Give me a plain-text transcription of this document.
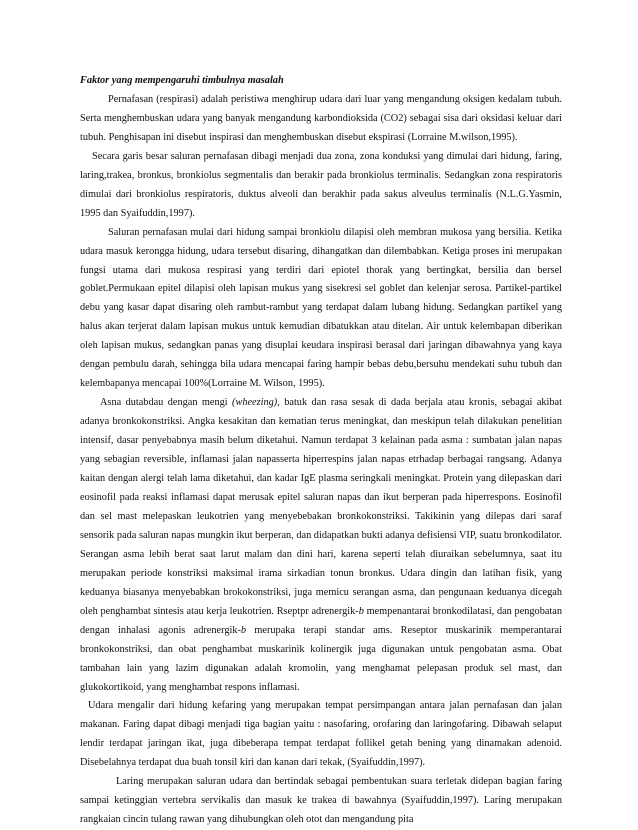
Faktor yang mempengaruhi timbulnya masalah

Pernafasan (respirasi) adalah peristiwa menghirup udara dari luar yang mengandung oksigen kedalam tubuh. Serta menghembuskan udara yang banyak mengandung karbondioksida (CO2) sebagai sisa dari oksidasi keluar dari tubuh. Penghisapan ini disebut inspirasi dan menghembuskan disebut ekspirasi (Lorraine M.wilson,1995).

Secara garis besar saluran pernafasan dibagi menjadi dua zona, zona konduksi yang dimulai dari hidung, faring, laring,trakea, bronkus, bronkiolus segmentalis dan berakir pada bronkiolus terminalis. Sedangkan zona respiratoris dimulai dari bronkiolus respiratoris, duktus alveoli dan berakhir pada sakus alveulus terminalis (N.L.G.Yasmin, 1995 dan Syaifuddin,1997).

Saluran pernafasan mulai dari hidung sampai bronkiolu dilapisi oleh membran mukosa yang bersilia. Ketika udara masuk kerongga hidung, udara tersebut disaring, dihangatkan dan dilembabkan. Ketiga proses ini merupakan fungsi utama dari mukosa respirasi yang terdiri dari epiotel thorak yang bertingkat, bersilia dan bersel goblet.Permukaan epitel dilapisi oleh lapisan mukus yang sisekresi sel goblet dan kelenjar serosa. Partikel-partikel debu yang kasar dapat disaring oleh rambut-rambut yang terdapat dalam lubang hidung. Sedangkan partikel yang halus akan terjerat dalam lapisan mukus untuk kemudian dibatukkan atau ditelan. Air untuk kelembapan diberikan oleh lapisan mukus, sedangkan panas yang disuplai keudara inspirasi berasal dari jaringan dibawahnya yang kaya dengan pembulu darah, sehingga bila udara mencapai faring hampir bebas debu,bersuhu mendekati suhu tubuh dan kelembapanya mencapai 100%(Lorraine M. Wilson, 1995).

Asna dutabdau dengan mengi (wheezing), batuk dan rasa sesak di dada berjala atau kronis, sebagai akibat adanya bronkokonstriksi. Angka kesakitan dan kematian terus meningkat, dan meskipun telah dilakukan penelitian intensif, dasar penyebabnya masih belum diketahui. Namun terdapat 3 kelainan pada asma : sumbatan jalan napas yang sebagian reversible, inflamasi jalan napasserta hiperrespins jalan napas etrhadap berbagai rangsang. Adanya kaitan dengan alergi telah lama diketahui, dan kadar IgE plasma seringkali meningkat. Protein yang dilepaskan dari eosinofil pada reaksi inflamasi dapat merusak epitel saluran napas dan ikut berperan pada hiperrespons. Eosinofil dan sel mast melepaskan leukotrien yang menyebebakan bronkokonstriksi. Takikinin yang dilepas dari saraf sensorik pada saluran napas mungkin ikut berperan, dan didapatkan bukti adanya defisiensi VIP, suatu bronkodilator. Serangan asma lebih berat saat larut malam dan dini hari, karena seperti telah diuraikan sebelumnya, saat itu merupakan periode konstriksi maksimal irama sirkadian tonun bronkus. Udara dingin dan latihan fisik, yang keduanya biasanya menyebabkan brokokonstriksi, juga memicu serangan asma, dan pengunaan keduanya dicegah oleh penghambat sintesis atau kerja leukotrien. Rseptpr adrenergik-b mempenantarai bronkodilatasi, dan pengobatan dengan inhalasi agonis adrenergik-b merupaka terapi standar ams. Reseptor muskarinik memperantarai bronkokonstriksi, dan obat penghambat muskarinik kolinergik juga digunakan untuk pengobatan asma. Obat tambahan lain yang lazim digunakan adalah kromolin, yang menghamat pelepasan produk sel mast, dan glukokortikoid, yang menghambat respons inflamasi.

Udara mengalir dari hidung kefaring yang merupakan tempat persimpangan antara jalan pernafasan dan jalan makanan. Faring dapat dibagi menjadi tiga bagian yaitu : nasofaring, orofaring dan laringofaring. Dibawah selaput lendir terdapat jaringan ikat, juga dibeberapa tempat terdapat follikel getah bening yang dinamakan adenoid. Disebelahnya terdapat dua buah tonsil kiri dan kanan dari tekak, (Syaifuddin,1997).

Laring merupakan saluran udara dan bertindak sebagai pembentukan suara terletak didepan bagian faring sampai ketinggian vertebra servikalis dan masuk ke trakea di bawahnya (Syaifuddin,1997). Laring merupakan rangkaian cincin tulang rawan yang dihubungkan oleh otot dan mengandung pita
